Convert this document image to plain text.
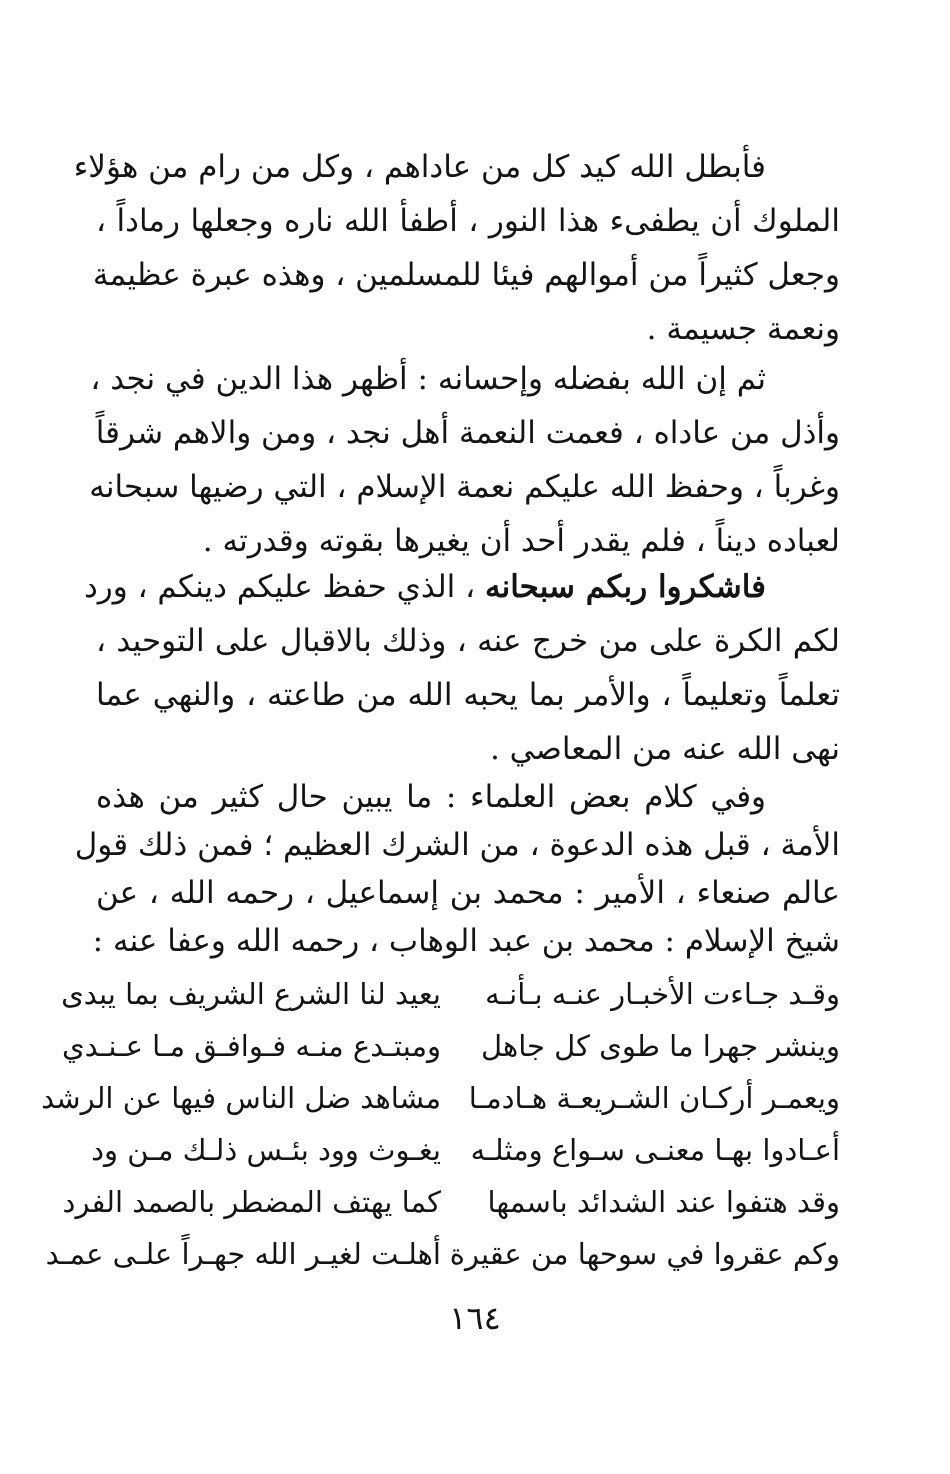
فأبطل الله كيد كل من عاداهم ، وكل من رام من هؤلاء
الملوك أن يطفىء هذا النور ، أطفأ الله ناره وجعلها رماداً ،
وجعل كثيراً من أموالهم فيئا للمسلمين ، وهذه عبرة عظيمة
ونعمة جسيمة .
ثم إن الله بفضله وإحسانه : أظهر هذا الدين في نجد ،
وأذل من عاداه ، فعمت النعمة أهل نجد ، ومن والاهم شرقاً
وغرباً ، وحفظ الله عليكم نعمة الإسلام ، التي رضيها سبحانه
لعباده ديناً ، فلم يقدر أحد أن يغيرها بقوته وقدرته .
فاشكروا ربكم سبحانه ، الذي حفظ عليكم دينكم ، ورد
لكم الكرة على من خرج عنه ، وذلك بالاقبال على التوحيد ،
تعلماً وتعليماً ، والأمر بما يحبه الله من طاعته ، والنهي عما
نهى الله عنه من المعاصي .
وفي كلام بعض العلماء : ما يبين حال كثير من هذه
الأمة ، قبل هذه الدعوة ، من الشرك العظيم ؛ فمن ذلك قول
عالم صنعاء ، الأمير : محمد بن إسماعيل ، رحمه الله ، عن
شيخ الإسلام : محمد بن عبد الوهاب ، رحمه الله وعفا عنه :
وقـد جـاءت الأخبـار عنـه بـأنـه
يعيد لنا الشرع الشريف بما يبدى
وينشر جهرا ما طوى كل جاهل
ومبتـدع منـه فـوافـق مـا عـنـدي
ويعمـر أركـان الشـريعـة هـادمـا
مشاهد ضل الناس فيها عن الرشد
أعـادوا بهـا معنـى سـواع ومثلـه
يغـوث وود بئـس ذلـك مـن ود
وقد هتفوا عند الشدائد باسمها
كما يهتف المضطر بالصمد الفرد
وكم عقروا في سوحها من عقيرة
أهلـت لغيـر الله جهـراً علـى عمـد
١٦٤
